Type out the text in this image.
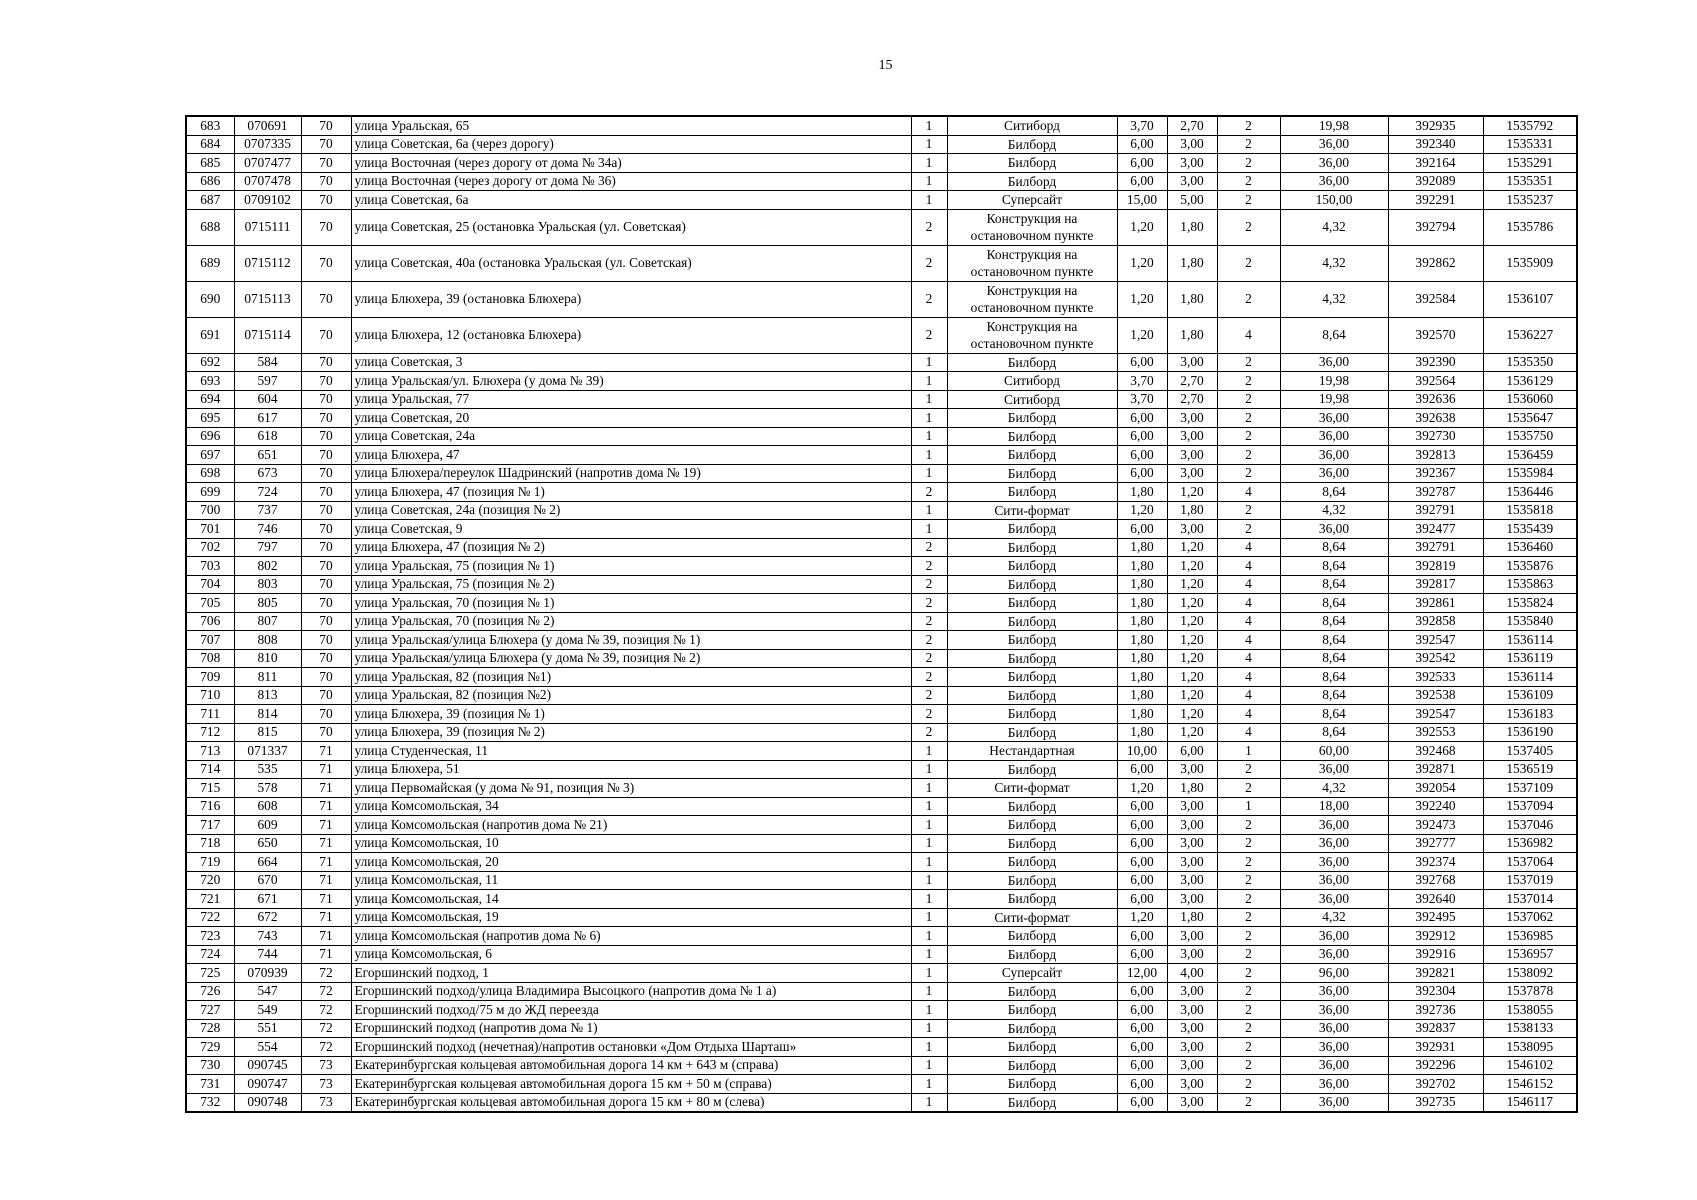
15
683	070691	70	улица Уральская, 65	1	Ситиборд	3,70	2,70	2	19,98	392935	1535792
684	0707335	70	улица Советская, 6а (через дорогу)	1	Билборд	6,00	3,00	2	36,00	392340	1535331
685	0707477	70	улица Восточная (через дорогу от дома № 34а)	1	Билборд	6,00	3,00	2	36,00	392164	1535291
686	0707478	70	улица Восточная (через дорогу от дома № 36)	1	Билборд	6,00	3,00	2	36,00	392089	1535351
687	0709102	70	улица Советская, 6а	1	Суперсайт	15,00	5,00	2	150,00	392291	1535237
688	0715111	70	улица Советская, 25 (остановка Уральская (ул. Советская)	2	Конструкция на остановочном пункте	1,20	1,80	2	4,32	392794	1535786
689	0715112	70	улица Советская, 40а (остановка Уральская (ул. Советская)	2	Конструкция на остановочном пункте	1,20	1,80	2	4,32	392862	1535909
690	0715113	70	улица Блюхера, 39 (остановка Блюхера)	2	Конструкция на остановочном пункте	1,20	1,80	2	4,32	392584	1536107
691	0715114	70	улица Блюхера, 12 (остановка Блюхера)	2	Конструкция на остановочном пункте	1,20	1,80	4	8,64	392570	1536227
692	584	70	улица Советская, 3	1	Билборд	6,00	3,00	2	36,00	392390	1535350
693	597	70	улица Уральская/ул. Блюхера (у дома № 39)	1	Ситиборд	3,70	2,70	2	19,98	392564	1536129
694	604	70	улица Уральская, 77	1	Ситиборд	3,70	2,70	2	19,98	392636	1536060
695	617	70	улица Советская, 20	1	Билборд	6,00	3,00	2	36,00	392638	1535647
696	618	70	улица Советская, 24а	1	Билборд	6,00	3,00	2	36,00	392730	1535750
697	651	70	улица Блюхера, 47	1	Билборд	6,00	3,00	2	36,00	392813	1536459
698	673	70	улица Блюхера/переулок Шадринский (напротив дома № 19)	1	Билборд	6,00	3,00	2	36,00	392367	1535984
699	724	70	улица Блюхера, 47 (позиция № 1)	2	Билборд	1,80	1,20	4	8,64	392787	1536446
700	737	70	улица Советская, 24а (позиция № 2)	1	Сити-формат	1,20	1,80	2	4,32	392791	1535818
701	746	70	улица Советская, 9	1	Билборд	6,00	3,00	2	36,00	392477	1535439
702	797	70	улица Блюхера, 47 (позиция № 2)	2	Билборд	1,80	1,20	4	8,64	392791	1536460
703	802	70	улица Уральская, 75 (позиция № 1)	2	Билборд	1,80	1,20	4	8,64	392819	1535876
704	803	70	улица Уральская, 75 (позиция № 2)	2	Билборд	1,80	1,20	4	8,64	392817	1535863
705	805	70	улица Уральская, 70 (позиция № 1)	2	Билборд	1,80	1,20	4	8,64	392861	1535824
706	807	70	улица Уральская, 70 (позиция № 2)	2	Билборд	1,80	1,20	4	8,64	392858	1535840
707	808	70	улица Уральская/улица Блюхера (у дома № 39, позиция № 1)	2	Билборд	1,80	1,20	4	8,64	392547	1536114
708	810	70	улица Уральская/улица Блюхера (у дома № 39, позиция № 2)	2	Билборд	1,80	1,20	4	8,64	392542	1536119
709	811	70	улица Уральская, 82 (позиция №1)	2	Билборд	1,80	1,20	4	8,64	392533	1536114
710	813	70	улица Уральская, 82 (позиция №2)	2	Билборд	1,80	1,20	4	8,64	392538	1536109
711	814	70	улица Блюхера, 39 (позиция № 1)	2	Билборд	1,80	1,20	4	8,64	392547	1536183
712	815	70	улица Блюхера, 39 (позиция № 2)	2	Билборд	1,80	1,20	4	8,64	392553	1536190
713	071337	71	улица Студенческая, 11	1	Нестандартная	10,00	6,00	1	60,00	392468	1537405
714	535	71	улица Блюхера, 51	1	Билборд	6,00	3,00	2	36,00	392871	1536519
715	578	71	улица Первомайская (у дома № 91, позиция № 3)	1	Сити-формат	1,20	1,80	2	4,32	392054	1537109
716	608	71	улица Комсомольская, 34	1	Билборд	6,00	3,00	1	18,00	392240	1537094
717	609	71	улица Комсомольская (напротив дома № 21)	1	Билборд	6,00	3,00	2	36,00	392473	1537046
718	650	71	улица Комсомольская, 10	1	Билборд	6,00	3,00	2	36,00	392777	1536982
719	664	71	улица Комсомольская, 20	1	Билборд	6,00	3,00	2	36,00	392374	1537064
720	670	71	улица Комсомольская, 11	1	Билборд	6,00	3,00	2	36,00	392768	1537019
721	671	71	улица Комсомольская, 14	1	Билборд	6,00	3,00	2	36,00	392640	1537014
722	672	71	улица Комсомольская, 19	1	Сити-формат	1,20	1,80	2	4,32	392495	1537062
723	743	71	улица Комсомольская (напротив дома № 6)	1	Билборд	6,00	3,00	2	36,00	392912	1536985
724	744	71	улица Комсомольская, 6	1	Билборд	6,00	3,00	2	36,00	392916	1536957
725	070939	72	Егоршинский подход, 1	1	Суперсайт	12,00	4,00	2	96,00	392821	1538092
726	547	72	Егоршинский подход/улица Владимира Высоцкого (напротив дома № 1 а)	1	Билборд	6,00	3,00	2	36,00	392304	1537878
727	549	72	Егоршинский подход/75 м до ЖД переезда	1	Билборд	6,00	3,00	2	36,00	392736	1538055
728	551	72	Егоршинский подход (напротив дома № 1)	1	Билборд	6,00	3,00	2	36,00	392837	1538133
729	554	72	Егоршинский подход (нечетная)/напротив остановки «Дом Отдыха Шарташ»	1	Билборд	6,00	3,00	2	36,00	392931	1538095
730	090745	73	Екатеринбургская кольцевая автомобильная дорога 14 км + 643 м (справа)	1	Билборд	6,00	3,00	2	36,00	392296	1546102
731	090747	73	Екатеринбургская кольцевая автомобильная дорога 15 км + 50 м (справа)	1	Билборд	6,00	3,00	2	36,00	392702	1546152
732	090748	73	Екатеринбургская кольцевая автомобильная дорога 15 км + 80 м (слева)	1	Билборд	6,00	3,00	2	36,00	392735	1546117
